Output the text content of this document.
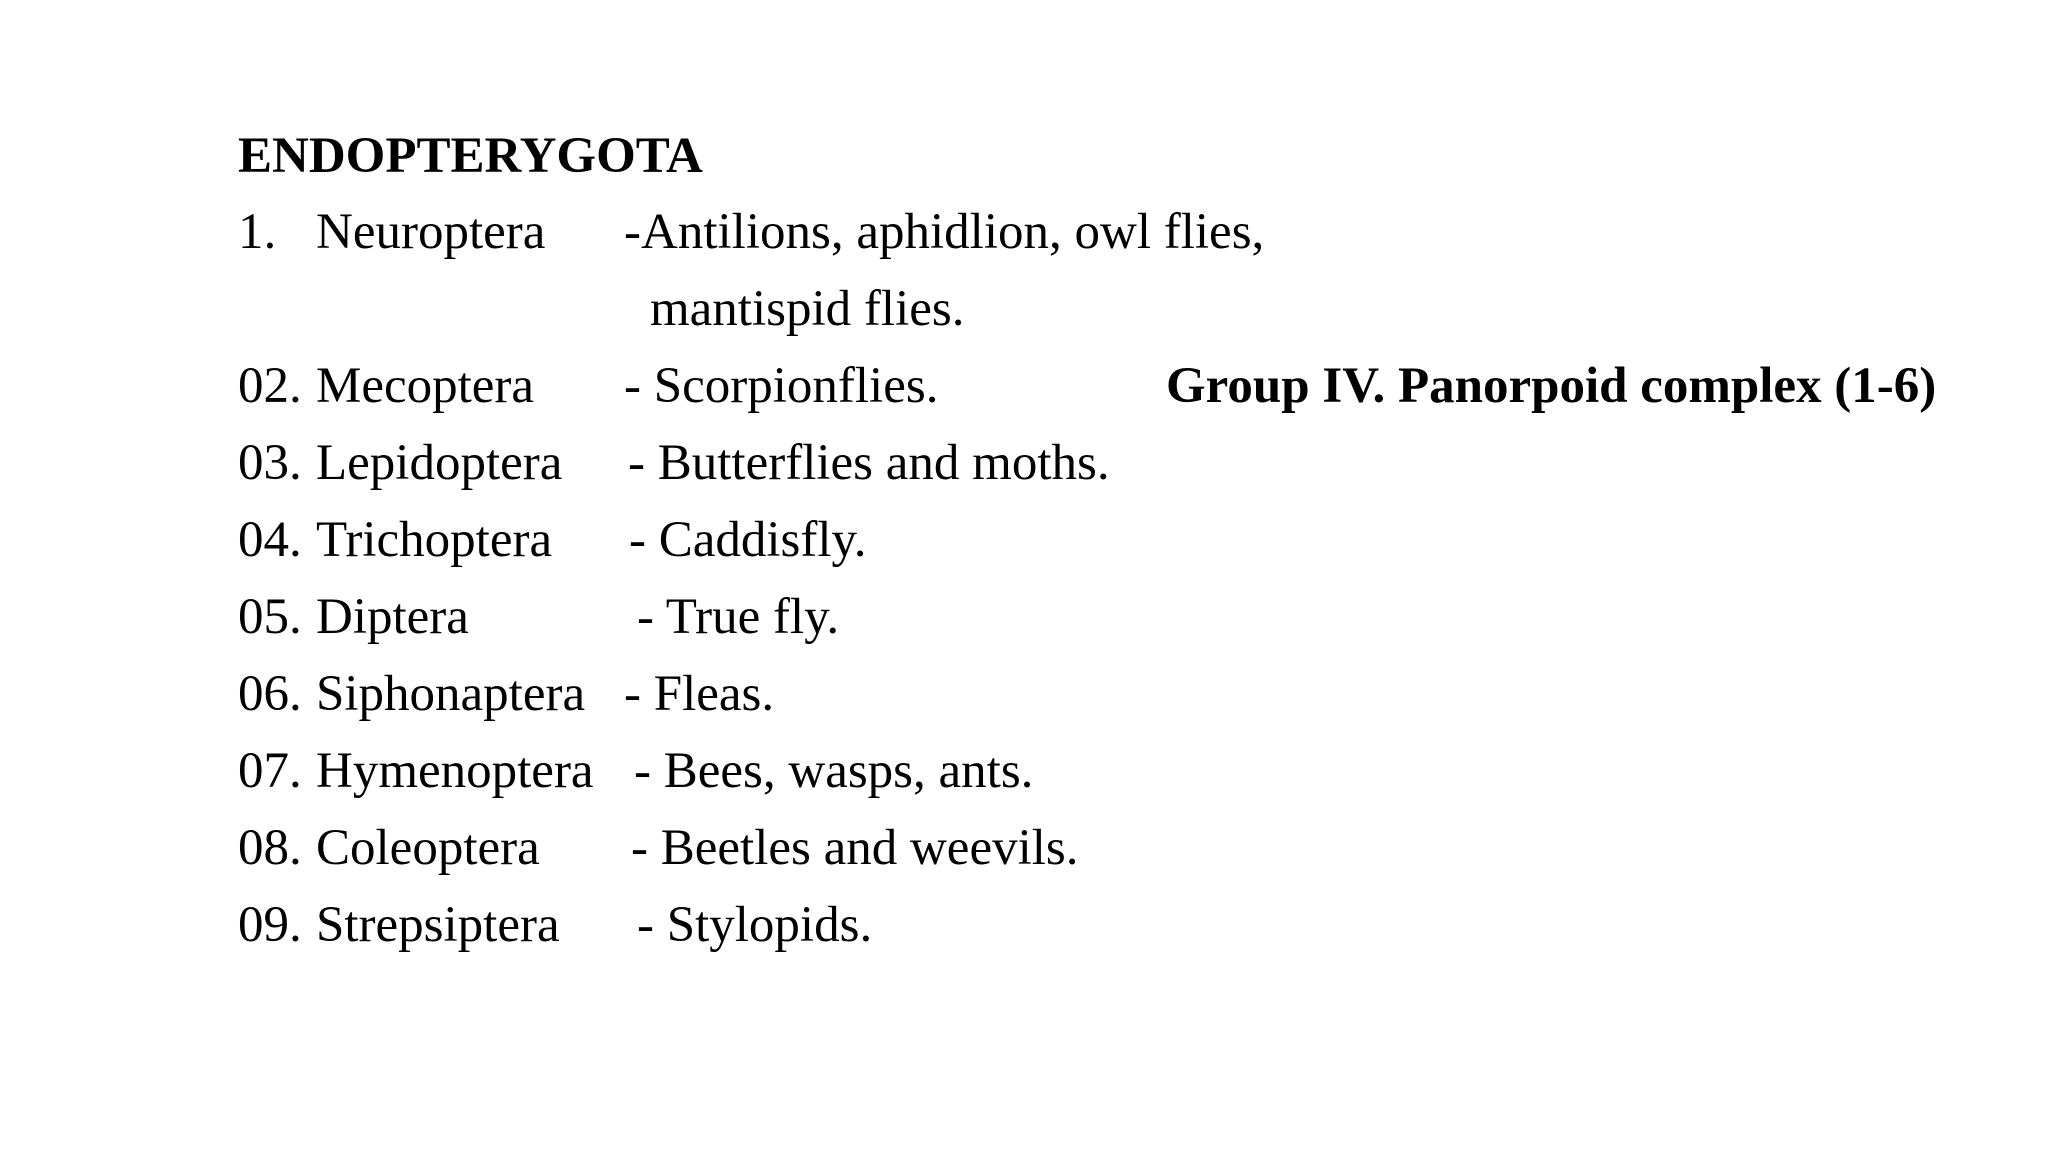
ENDOPTERYGOTA
1. Neuroptera -Antilions, aphidlion, owl flies,
mantispid flies.
02. Mecoptera - Scorpionflies.
03. Lepidoptera - Butterflies and moths.
04. Trichoptera - Caddisfly.
05. Diptera	- True fly.
06. Siphonaptera - Fleas.
07. Hymenoptera - Bees, wasps, ants.
08. Coleoptera - Beetles and weevils.
09. Strepsiptera - Stylopids.
Group IV. Panorpoid complex (1-6)
